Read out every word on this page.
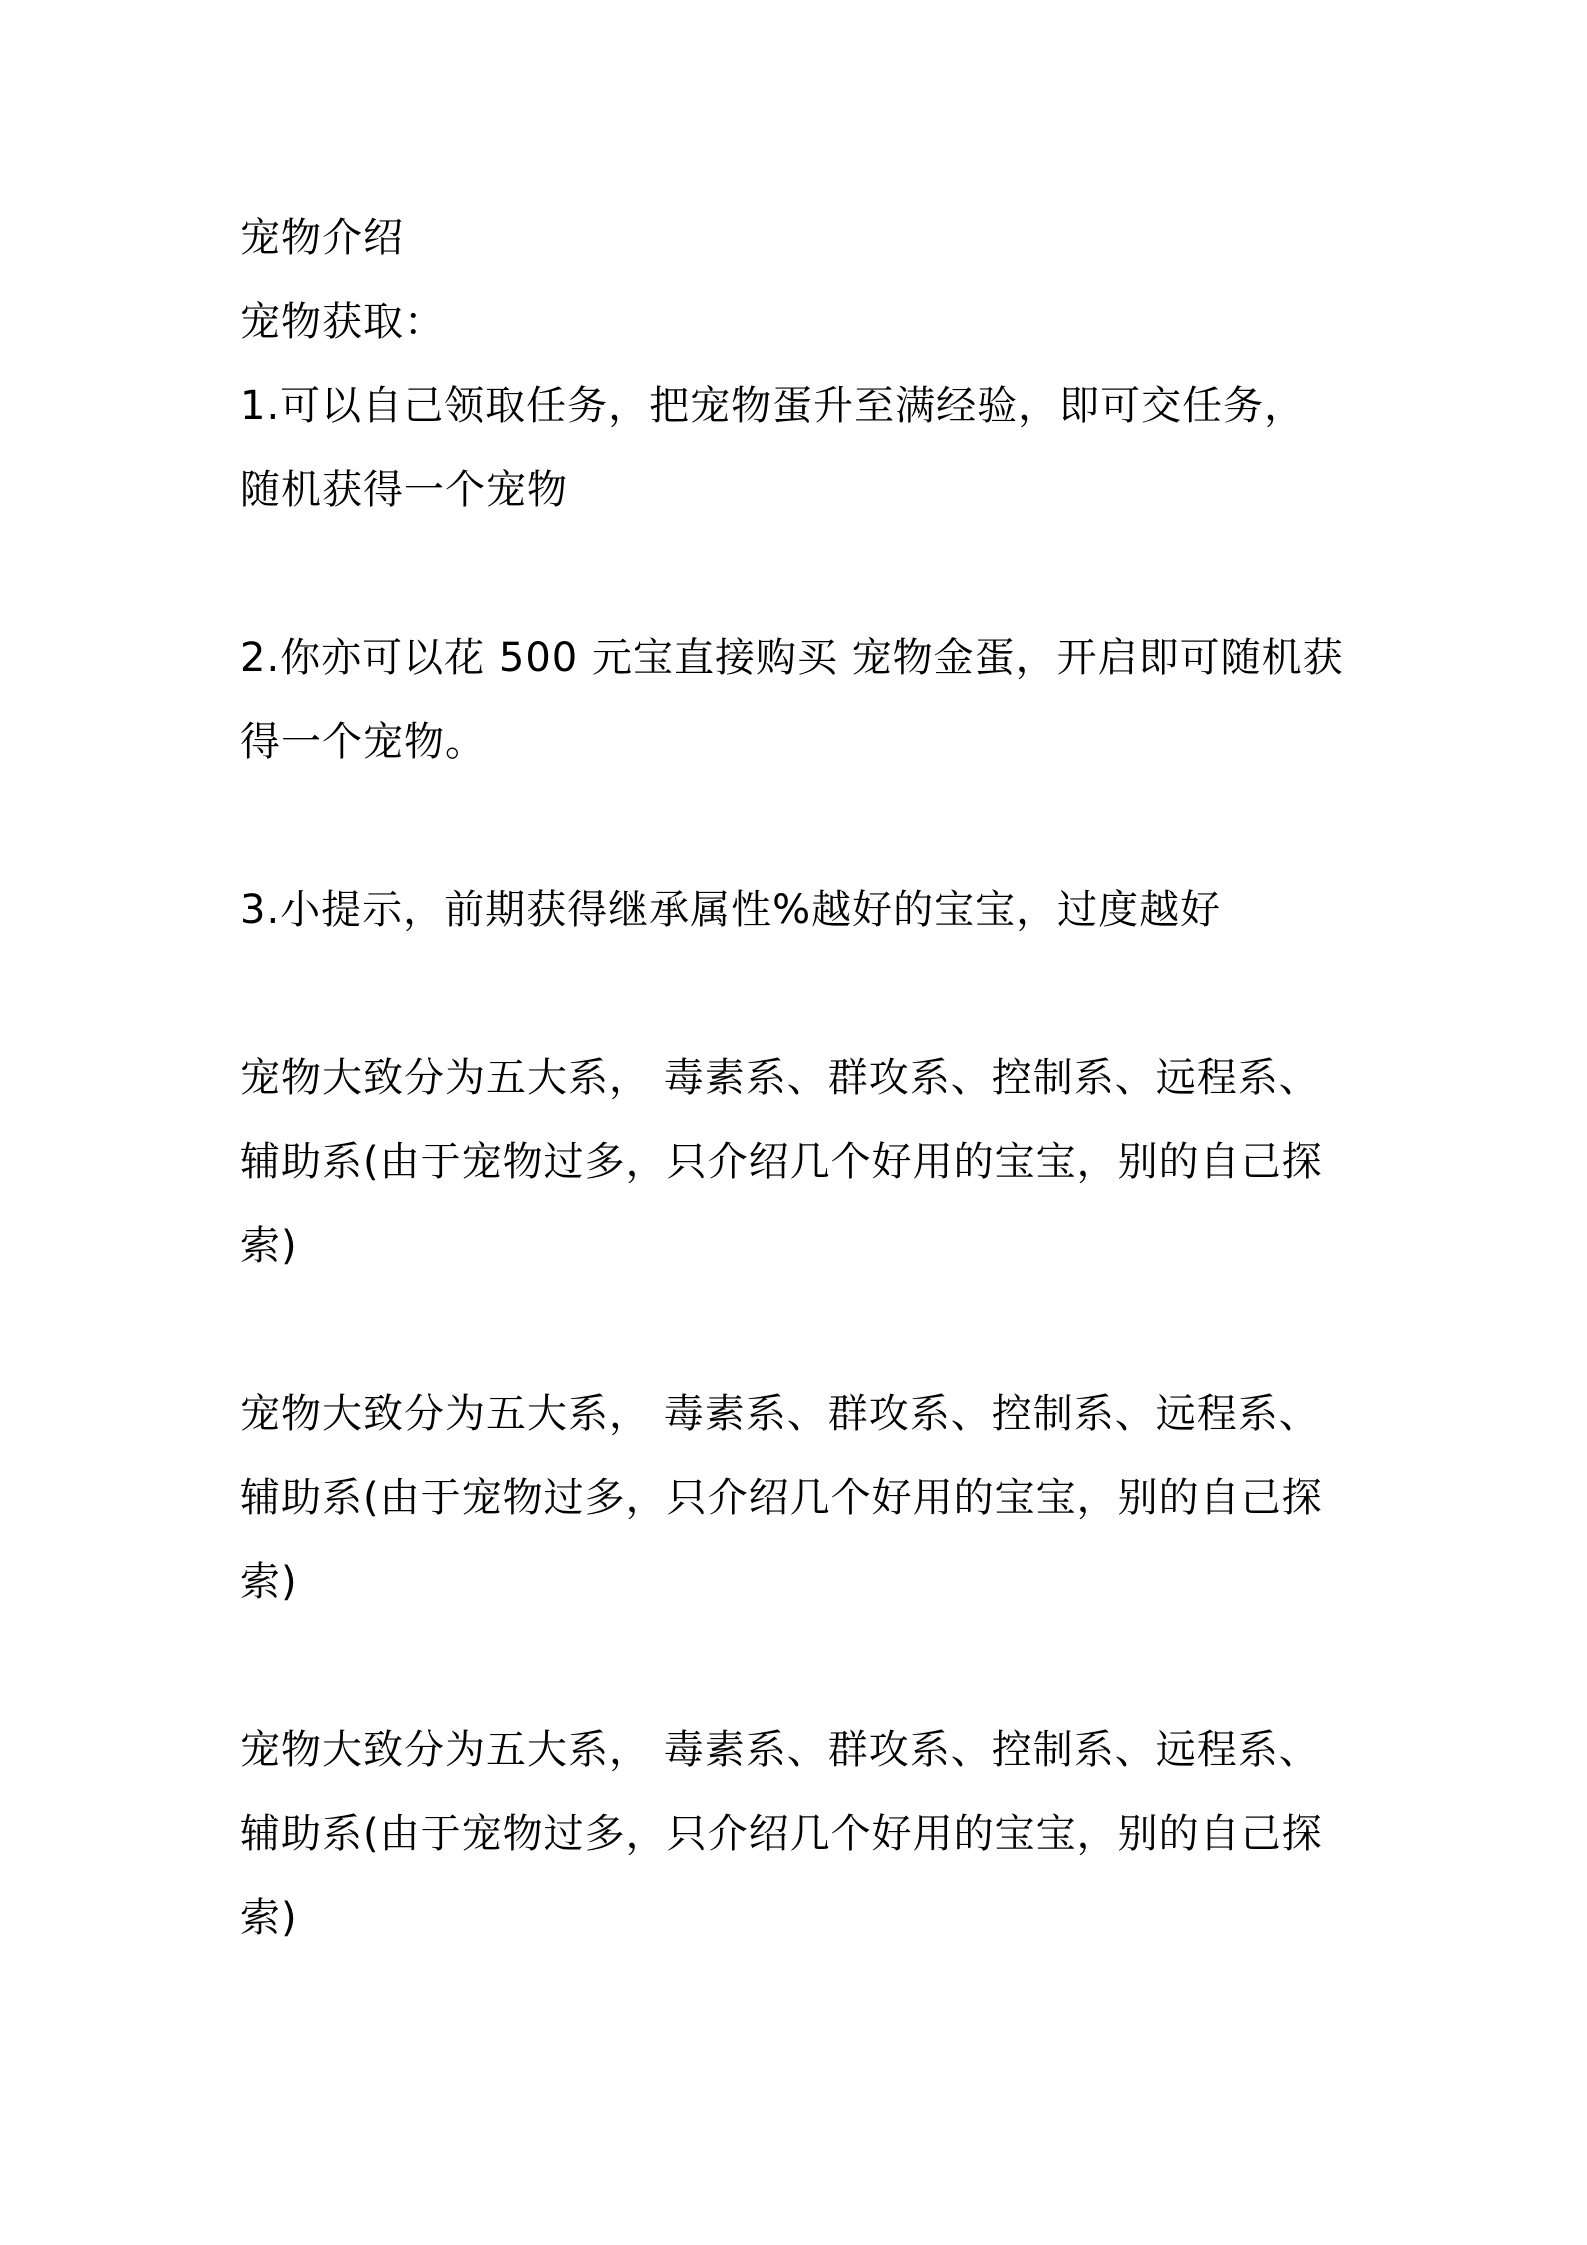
宠物介绍
宠物获取：
1.可以自己领取任务，把宠物蛋升至满经验，即可交任务，
随机获得一个宠物
2.你亦可以花 500 元宝直接购买 宠物金蛋，开启即可随机获
得一个宠物。
3.小提示，前期获得继承属性%越好的宝宝，过度越好
宠物大致分为五大系， 毒素系、群攻系、控制系、远程系、
辅助系(由于宠物过多，只介绍几个好用的宝宝，别的自己探
索)
宠物大致分为五大系， 毒素系、群攻系、控制系、远程系、
辅助系(由于宠物过多，只介绍几个好用的宝宝，别的自己探
索)
宠物大致分为五大系， 毒素系、群攻系、控制系、远程系、
辅助系(由于宠物过多，只介绍几个好用的宝宝，别的自己探
索)
